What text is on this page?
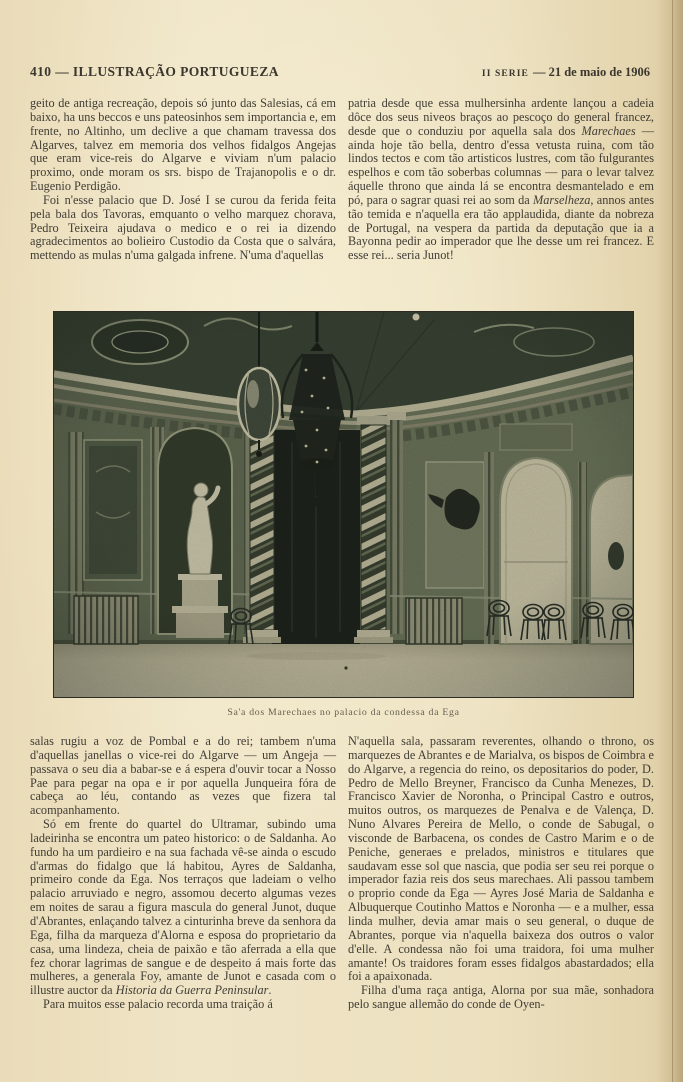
410 — ILLUSTRAÇÃO PORTUGUEZA	II SERIE — 21 de maio de 1906

geito de antiga recreação, depois só junto das Salesias, cá em baixo, ha uns beccos e uns pateosinhos sem importancia e, em frente, no Altinho, um declive a que chamam travessa dos Algarves, talvez em memoria dos velhos fidalgos Angejas que eram vice-reis do Algarve e viviam n'um palacio proximo, onde moram os srs. bispo de Trajanopolis e o dr. Eugenio Perdigão.

Foi n'esse palacio que D. José I se curou da ferida feita pela bala dos Tavoras, emquanto o velho marquez chorava, Pedro Teixeira ajudava o medico e o rei ia dizendo agradecimentos ao bolieiro Custodio da Costa que o salvára, mettendo as mulas n'uma galgada infrene. N'uma d'aquellas

patria desde que essa mulhersinha ardente lançou a cadeia dôce dos seus niveos braços ao pescoço do general francez, desde que o conduziu por aquella sala dos Marechaes — ainda hoje tão bella, dentro d'essa vetusta ruina, com tão lindos tectos e com tão artisticos lustres, com tão fulgurantes espelhos e com tão soberbas columnas — para o levar talvez áquelle throno que ainda lá se encontra desmantelado e em pó, para o sagrar quasi rei ao som da Marselheza, annos antes tão temida e n'aquella era tão applaudida, diante da nobreza de Portugal, na vespera da partida da deputação que ia a Bayonna pedir ao imperador que lhe desse um rei francez. E esse rei... seria Junot!

Sa'a dos Marechaes no palacio da condessa da Ega

salas rugiu a voz de Pombal e a do rei; tambem n'uma d'aquellas janellas o vice-rei do Algarve — um Angeja — passava o seu dia a babar-se e á espera d'ouvir tocar a Nosso Pae para pegar na opa e ir por aquella Junqueira fóra de cabeça ao léu, contando as vezes que fizera tal acompanhamento.

Só em frente do quartel do Ultramar, subindo uma ladeirinha se encontra um pateo historico: o de Saldanha. Ao fundo ha um pardieiro e na sua fachada vê-se ainda o escudo d'armas do fidalgo que lá habitou, Ayres de Saldanha, primeiro conde da Ega. Nos terraços que ladeiam o velho palacio arruviado e negro, assomou decerto algumas vezes em noites de sarau a figura mascula do general Junot, duque d'Abrantes, enlaçando talvez a cinturinha breve da senhora da Ega, filha da marqueza d'Alorna e esposa do proprietario da casa, uma lindeza, cheia de paixão e tão aferrada a ella que fez chorar lagrimas de sangue e de despeito á mais forte das mulheres, a generala Foy, amante de Junot e casada com o illustre auctor da Historia da Guerra Peninsular.

Para muitos esse palacio recorda uma traição á

N'aquella sala, passaram reverentes, olhando o throno, os marquezes de Abrantes e de Marialva, os bispos de Coimbra e do Algarve, a regencia do reino, os depositarios do poder, D. Pedro de Mello Breyner, Francisco da Cunha Menezes, D. Francisco Xavier de Noronha, o Principal Castro e outros, muitos outros, os marquezes de Penalva e de Valença, D. Nuno Alvares Pereira de Mello, o conde de Sabugal, o visconde de Barbacena, os condes de Castro Marim e o de Peniche, generaes e prelados, ministros e titulares que saudavam esse sol que nascia, que podia ser seu rei porque o imperador fazia reis dos seus marechaes. Ali passou tambem o proprio conde da Ega — Ayres José Maria de Saldanha e Albuquerque Coutinho Mattos e Noronha — e a mulher, essa linda mulher, devia amar mais o seu general, o duque de Abrantes, porque via n'aquella baixeza dos outros o valor d'elle. A condessa não foi uma traidora, foi uma mulher amante! Os traidores foram esses fidalgos abastardados; ella foi a apaixonada.

Filha d'uma raça antiga, Alorna por sua mãe, sonhadora pelo sangue allemão do conde de Oyen-
